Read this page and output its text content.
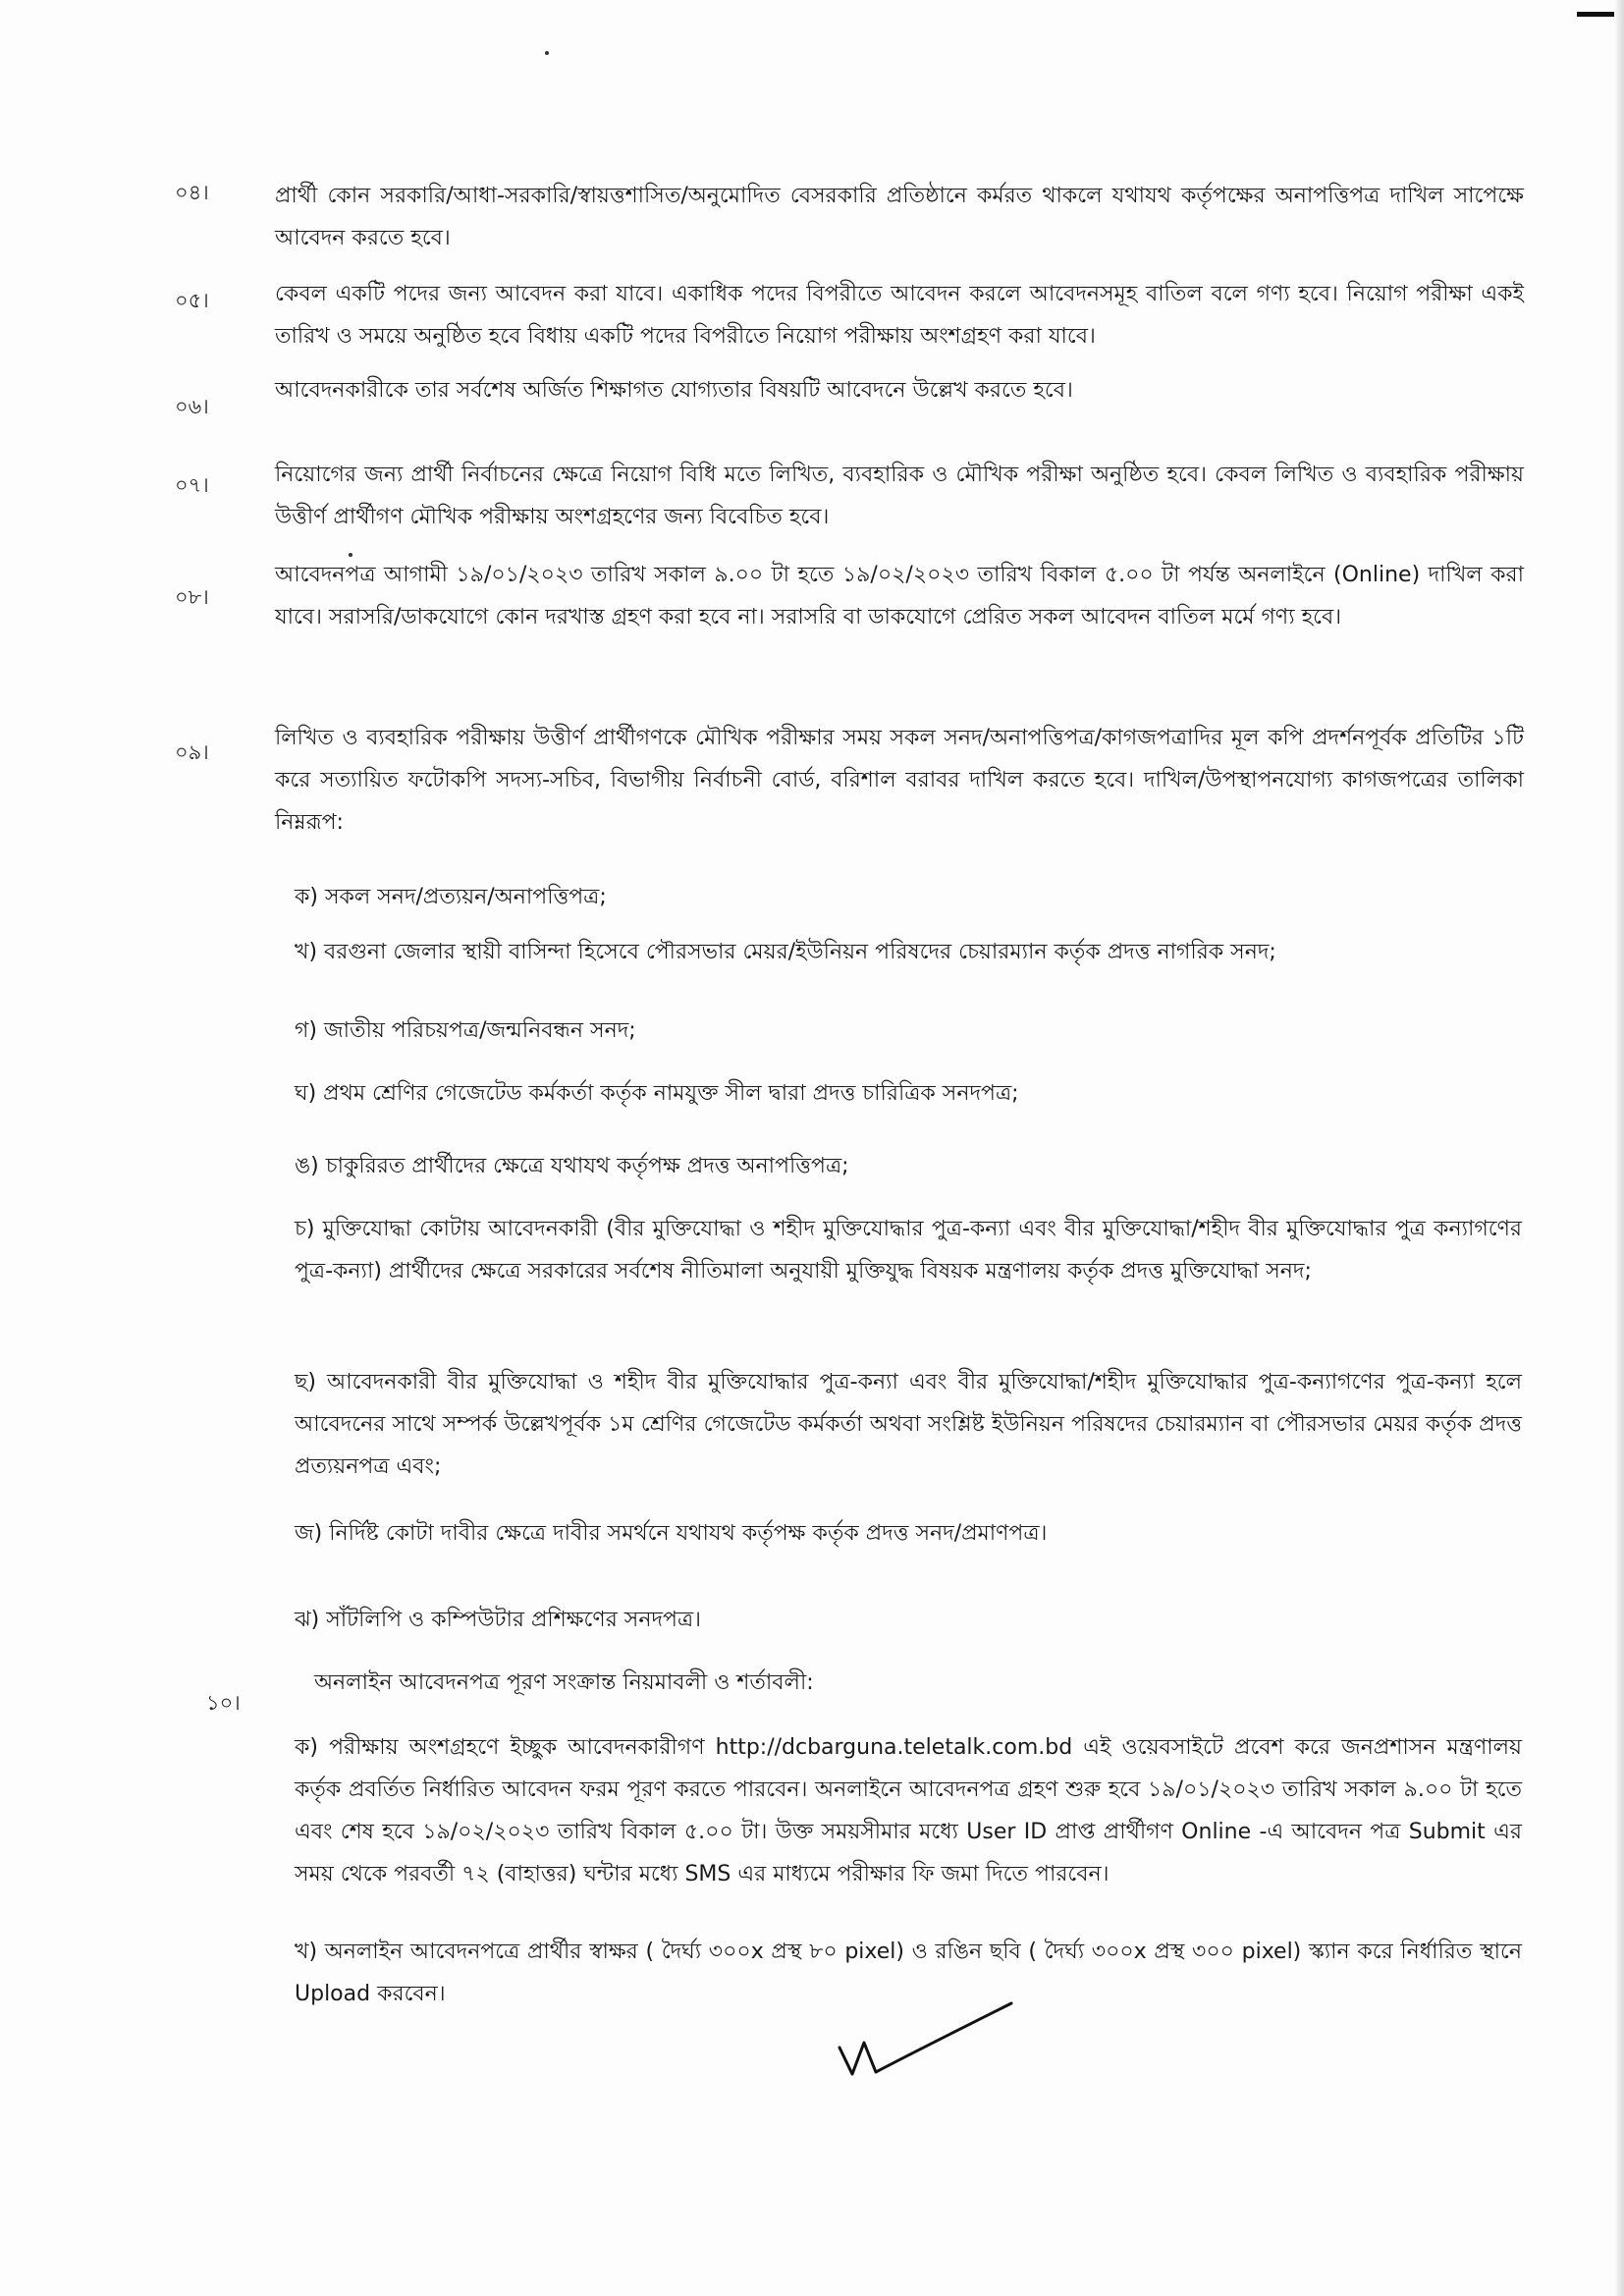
০৪।	প্রার্থী কোন সরকারি/আধা-সরকারি/স্বায়ত্তশাসিত/অনুমোদিত বেসরকারি প্রতিষ্ঠানে কর্মরত থাকলে যথাযথ কর্তৃপক্ষের অনাপত্তিপত্র দাখিল সাপেক্ষে আবেদন করতে হবে।
০৫।	কেবল একটি পদের জন্য আবেদন করা যাবে। একাধিক পদের বিপরীতে আবেদন করলে আবেদনসমূহ বাতিল বলে গণ্য হবে। নিয়োগ পরীক্ষা একই তারিখ ও সময়ে অনুষ্ঠিত হবে বিধায় একটি পদের বিপরীতে নিয়োগ পরীক্ষায় অংশগ্রহণ করা যাবে।
০৬।
আবেদনকারীকে তার সর্বশেষ অর্জিত শিক্ষাগত যোগ্যতার বিষয়টি আবেদনে উল্লেখ করতে হবে।
০৭।	নিয়োগের জন্য প্রার্থী নির্বাচনের ক্ষেত্রে নিয়োগ বিধি মতে লিখিত, ব্যবহারিক ও মৌখিক পরীক্ষা অনুষ্ঠিত হবে। কেবল লিখিত ও ব্যবহারিক পরীক্ষায় উত্তীর্ণ প্রার্থীগণ মৌখিক পরীক্ষায় অংশগ্রহণের জন্য বিবেচিত হবে।
০৮।
আবেদনপত্র আগামী ১৯/০১/২০২৩ তারিখ সকাল ৯.০০ টা হতে ১৯/০২/২০২৩ তারিখ বিকাল ৫.০০ টা পর্যন্ত অনলাইনে (Online) দাখিল করা যাবে। সরাসরি/ডাকযোগে কোন দরখাস্ত গ্রহণ করা হবে না। সরাসরি বা ডাকযোগে প্রেরিত সকল আবেদন বাতিল মর্মে গণ্য হবে।
০৯।
লিখিত ও ব্যবহারিক পরীক্ষায় উত্তীর্ণ প্রার্থীগণকে মৌখিক পরীক্ষার সময় সকল সনদ/অনাপত্তিপত্র/কাগজপত্রাদির মূল কপি প্রদর্শনপূর্বক প্রতিটির ১টি করে সত্যায়িত ফটোকপি সদস্য-সচিব, বিভাগীয় নির্বাচনী বোর্ড, বরিশাল বরাবর দাখিল করতে হবে। দাখিল/উপস্থাপনযোগ্য কাগজপত্রের তালিকা নিম্নরূপ:
ক) সকল সনদ/প্রত্যয়ন/অনাপত্তিপত্র;
খ) বরগুনা জেলার স্থায়ী বাসিন্দা হিসেবে পৌরসভার মেয়র/ইউনিয়ন পরিষদের চেয়ারম্যান কর্তৃক প্রদত্ত নাগরিক সনদ;
গ) জাতীয় পরিচয়পত্র/জন্মনিবন্ধন সনদ;
ঘ) প্রথম শ্রেণির গেজেটেড কর্মকর্তা কর্তৃক নামযুক্ত সীল দ্বারা প্রদত্ত চারিত্রিক সনদপত্র;
ঙ) চাকুরিরত প্রার্থীদের ক্ষেত্রে যথাযথ কর্তৃপক্ষ প্রদত্ত অনাপত্তিপত্র;
চ) মুক্তিযোদ্ধা কোটায় আবেদনকারী (বীর মুক্তিযোদ্ধা ও শহীদ মুক্তিযোদ্ধার পুত্র-কন্যা এবং বীর মুক্তিযোদ্ধা/শহীদ বীর মুক্তিযোদ্ধার পুত্র কন্যাগণের পুত্র-কন্যা) প্রার্থীদের ক্ষেত্রে সরকারের সর্বশেষ নীতিমালা অনুযায়ী মুক্তিযুদ্ধ বিষয়ক মন্ত্রণালয় কর্তৃক প্রদত্ত মুক্তিযোদ্ধা সনদ;
ছ) আবেদনকারী বীর মুক্তিযোদ্ধা ও শহীদ বীর মুক্তিযোদ্ধার পুত্র-কন্যা এবং বীর মুক্তিযোদ্ধা/শহীদ মুক্তিযোদ্ধার পুত্র-কন্যাগণের পুত্র-কন্যা হলে আবেদনের সাথে সম্পর্ক উল্লেখপূর্বক ১ম শ্রেণির গেজেটেড কর্মকর্তা অথবা সংশ্লিষ্ট ইউনিয়ন পরিষদের চেয়ারম্যান বা পৌরসভার মেয়র কর্তৃক প্রদত্ত প্রত্যয়নপত্র এবং;
জ) নির্দিষ্ট কোটা দাবীর ক্ষেত্রে দাবীর সমর্থনে যথাযথ কর্তৃপক্ষ কর্তৃক প্রদত্ত সনদ/প্রমাণপত্র।
ঝ) সাঁটলিপি ও কম্পিউটার প্রশিক্ষণের সনদপত্র।
১০।
অনলাইন আবেদনপত্র পূরণ সংক্রান্ত নিয়মাবলী ও শর্তাবলী:
ক) পরীক্ষায় অংশগ্রহণে ইচ্ছুক আবেদনকারীগণ http://dcbarguna.teletalk.com.bd এই ওয়েবসাইটে প্রবেশ করে জনপ্রশাসন মন্ত্রণালয় কর্তৃক প্রবর্তিত নির্ধারিত আবেদন ফরম পূরণ করতে পারবেন। অনলাইনে আবেদনপত্র গ্রহণ শুরু হবে ১৯/০১/২০২৩ তারিখ সকাল ৯.০০ টা হতে এবং শেষ হবে ১৯/০২/২০২৩ তারিখ বিকাল ৫.০০ টা। উক্ত সময়সীমার মধ্যে User ID প্রাপ্ত প্রার্থীগণ Online -এ আবেদন পত্র Submit এর সময় থেকে পরবর্তী ৭২ (বাহাত্তর) ঘন্টার মধ্যে SMS এর মাধ্যমে পরীক্ষার ফি জমা দিতে পারবেন।
খ) অনলাইন আবেদনপত্রে প্রার্থীর স্বাক্ষর ( দৈর্ঘ্য ৩০০x প্রস্থ ৮০ pixel) ও রঙিন ছবি ( দৈর্ঘ্য ৩০০x প্রস্থ ৩০০ pixel) স্ক্যান করে নির্ধারিত স্থানে Upload করবেন।
